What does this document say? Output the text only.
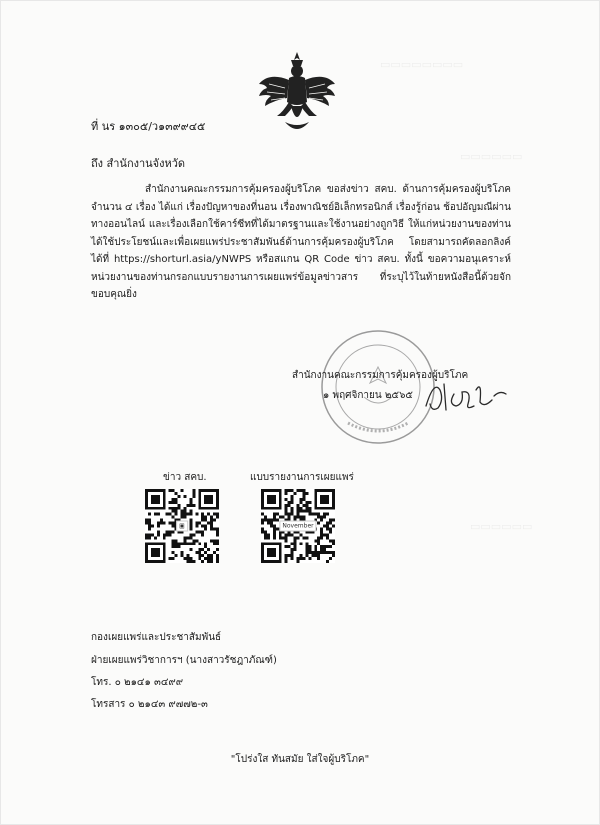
▭▭▭▭▭▭▭▭
▭▭▭▭▭▭
▭▭▭▭▭▭
ที่ นร ๑๓๐๕/ว๑๓๙๙๔๕
ถึง สำนักงานจังหวัด
สำนักงานคณะกรรมการคุ้มครองผู้บริโภค ขอส่งข่าว สคบ. ด้านการคุ้มครองผู้บริโภค จำนวน ๔ เรื่อง ได้แก่ เรื่องปัญหาของที่นอน เรื่องพาณิชย์อิเล็กทรอนิกส์ เรื่องรู้ก่อน ช้อปอัญมณีผ่านทางออนไลน์ และเรื่องเลือกใช้คาร์ซีทที่ได้มาตรฐานและใช้งานอย่างถูกวิธี ให้แก่หน่วยงานของท่าน ได้ใช้ประโยชน์และเพื่อเผยแพร่ประชาสัมพันธ์ด้านการคุ้มครองผู้บริโภค โดยสามารถคัดลอกลิงค์ได้ที่ https://shorturl.asia/yNWPS หรือสแกน QR Code ข่าว สคบ. ทั้งนี้ ขอความอนุเคราะห์หน่วยงานของท่านกรอกแบบรายงานการเผยแพร่ข้อมูลข่าวสาร ที่ระบุไว้ในท้ายหนังสือนี้ด้วยจักขอบคุณยิ่ง
สำนักงานคณะกรรมการคุ้มครองผู้บริโภค
๑ พฤศจิกายน ๒๕๖๕
ข่าว สคบ.	แบบรายงานการเผยแพร่
▣	November
กองเผยแพร่และประชาสัมพันธ์
ฝ่ายเผยแพร่วิชาการฯ (นางสาวรัชฎาภัณฑ์)
โทร. ๐ ๒๑๔๑ ๓๔๙๙
โทรสาร ๐ ๒๑๔๓ ๙๗๗๒-๓
"โปร่งใส ทันสมัย ใส่ใจผู้บริโภค"
